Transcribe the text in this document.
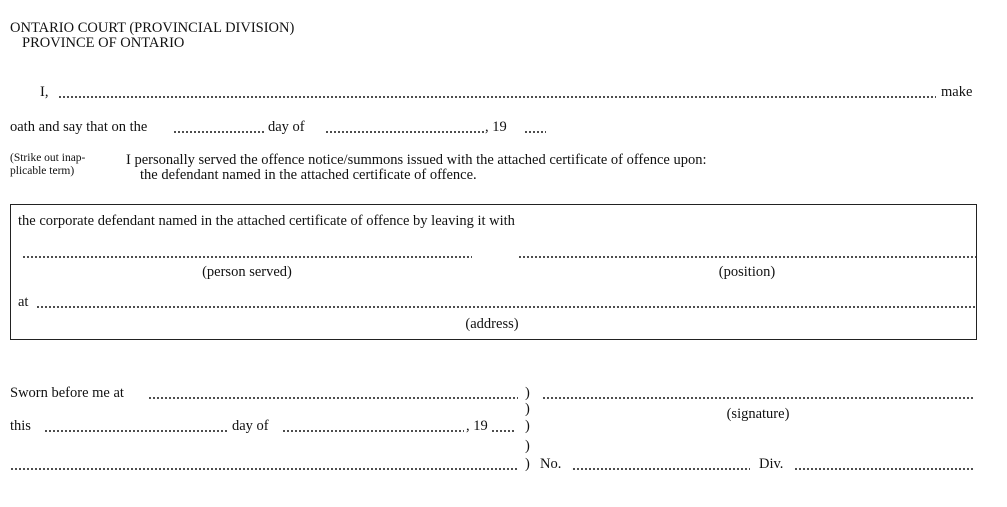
ONTARIO COURT (PROVINCIAL DIVISION)
PROVINCE OF ONTARIO
I,	make
oath and say that on the	day of	, 19
(Strike out inap-
plicable term)
I personally served the offence notice/summons issued with the attached certificate of offence upon:
the defendant named in the attached certificate of offence.
the corporate defendant named in the attached certificate of offence by leaving it with
(person served)	(position)
at
(address)
Sworn before me at	)
)	(signature)
this	day of	, 19	)
)
) No.	Div.
